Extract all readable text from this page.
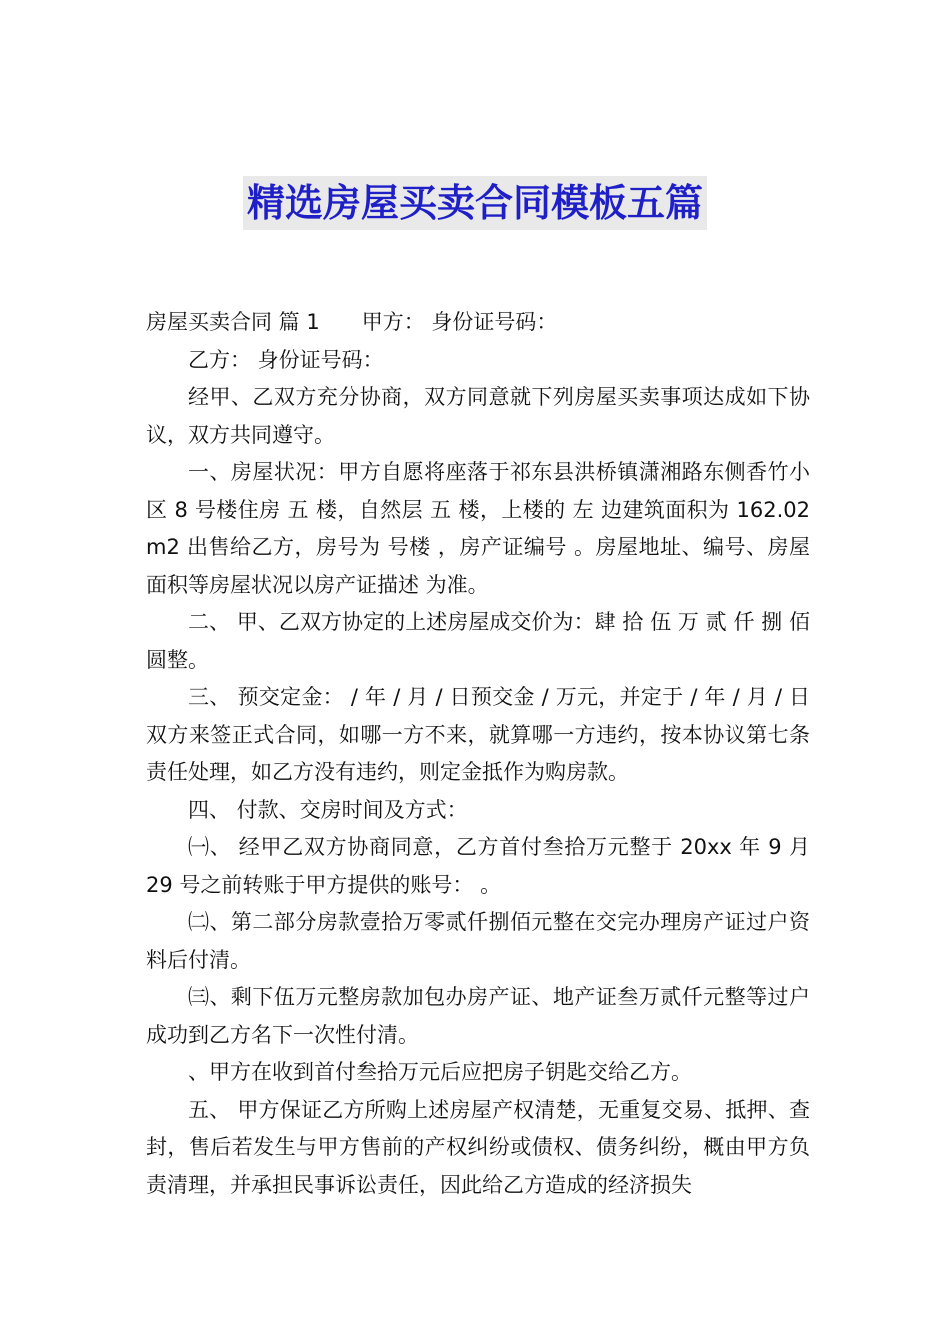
精选房屋买卖合同模板五篇

房屋买卖合同 篇 1 甲方： 身份证号码：

乙方： 身份证号码：

经甲、乙双方充分协商，双方同意就下列房屋买卖事项达成如下协议，双方共同遵守。

一、房屋状况：甲方自愿将座落于祁东县洪桥镇潇湘路东侧香竹小区 8 号楼住房 五 楼，自然层 五 楼，上楼的 左 边建筑面积为 162.02 m2 出售给乙方，房号为 号楼 ，房产证编号 。房屋地址、编号、房屋面积等房屋状况以房产证描述 为准。

二、 甲、乙双方协定的上述房屋成交价为：肆 拾 伍 万 贰 仟 捌 佰圆整。

三、 预交定金： / 年 / 月 / 日预交金 / 万元，并定于 / 年 / 月 / 日双方来签正式合同，如哪一方不来，就算哪一方违约，按本协议第七条责任处理，如乙方没有违约，则定金抵作为购房款。

四、 付款、交房时间及方式：

㈠、 经甲乙双方协商同意，乙方首付叁拾万元整于 20xx 年 9 月 29 号之前转账于甲方提供的账号： 。

㈡、第二部分房款壹拾万零贰仟捌佰元整在交完办理房产证过户资料后付清。

㈢、剩下伍万元整房款加包办房产证、地产证叁万贰仟元整等过户成功到乙方名下一次性付清。

、甲方在收到首付叁拾万元后应把房子钥匙交给乙方。

五、 甲方保证乙方所购上述房屋产权清楚，无重复交易、抵押、查封，售后若发生与甲方售前的产权纠纷或债权、债务纠纷，概由甲方负责清理，并承担民事诉讼责任，因此给乙方造成的经济损失
